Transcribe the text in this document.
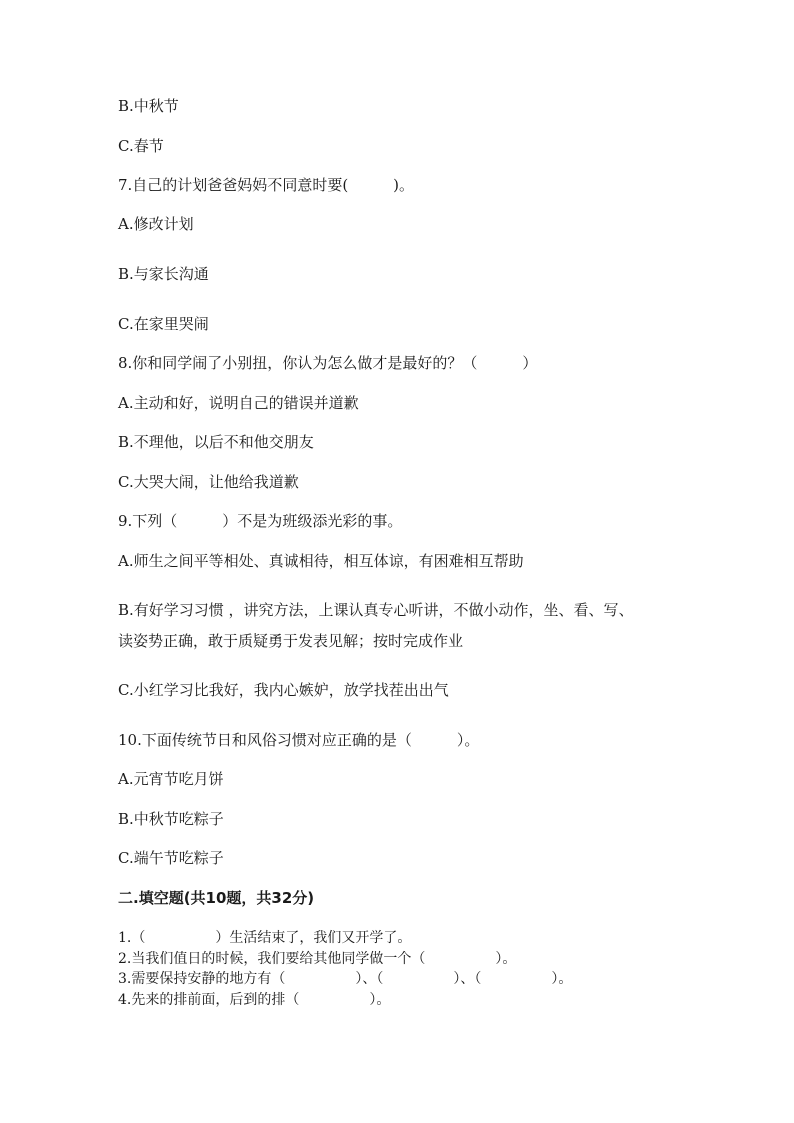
B.中秋节
C.春节
7.自己的计划爸爸妈妈不同意时要(　　　)。
A.修改计划
B.与家长沟通
C.在家里哭闹
8.你和同学闹了小别扭，你认为怎么做才是最好的？（　　　）
A.主动和好，说明自己的错误并道歉
B.不理他，以后不和他交朋友
C.大哭大闹，让他给我道歉
9.下列（　　　）不是为班级添光彩的事。
A.师生之间平等相处、真诚相待，相互体谅，有困难相互帮助
B.有好学习习惯 ，讲究方法，上课认真专心听讲，不做小动作，坐、看、写、
读姿势正确，敢于质疑勇于发表见解；按时完成作业
C.小红学习比我好，我内心嫉妒，放学找茬出出气
10.下面传统节日和风俗习惯对应正确的是（　　　）。
A.元宵节吃月饼
B.中秋节吃粽子
C.端午节吃粽子
二.填空题(共10题，共32分)
1.（　　　　　）生活结束了，我们又开学了。
2.当我们值日的时候，我们要给其他同学做一个（　　　　　）。
3.需要保持安静的地方有（　　　　　）、（　　　　　）、（　　　　　）。
4.先来的排前面，后到的排（　　　　　）。
